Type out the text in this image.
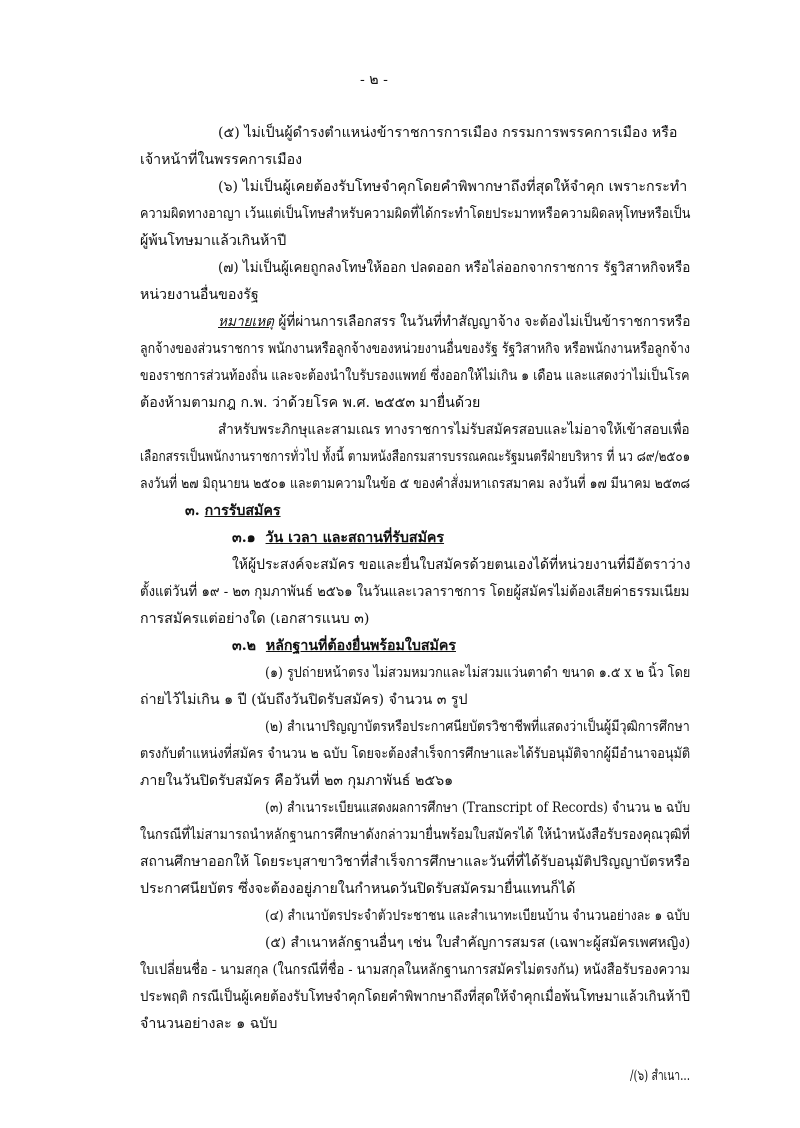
- ๒ -
(๕) ไม่เป็นผู้ดำรงตำแหน่งข้าราชการการเมือง กรรมการพรรคการเมือง หรือ
เจ้าหน้าที่ในพรรคการเมือง
(๖) ไม่เป็นผู้เคยต้องรับโทษจำคุกโดยคำพิพากษาถึงที่สุดให้จำคุก เพราะกระทำ
ความผิดทางอาญา เว้นแต่เป็นโทษสำหรับความผิดที่ได้กระทำโดยประมาทหรือความผิดลหุโทษหรือเป็น
ผู้พ้นโทษมาแล้วเกินห้าปี
(๗) ไม่เป็นผู้เคยถูกลงโทษให้ออก ปลดออก หรือไล่ออกจากราชการ รัฐวิสาหกิจหรือ
หน่วยงานอื่นของรัฐ
หมายเหตุ ผู้ที่ผ่านการเลือกสรร ในวันที่ทำสัญญาจ้าง จะต้องไม่เป็นข้าราชการหรือ
ลูกจ้างของส่วนราชการ พนักงานหรือลูกจ้างของหน่วยงานอื่นของรัฐ รัฐวิสาหกิจ หรือพนักงานหรือลูกจ้าง
ของราชการส่วนท้องถิ่น และจะต้องนำใบรับรองแพทย์ ซึ่งออกให้ไม่เกิน ๑ เดือน และแสดงว่าไม่เป็นโรค
ต้องห้ามตามกฎ ก.พ. ว่าด้วยโรค พ.ศ. ๒๕๕๓ มายื่นด้วย
สำหรับพระภิกษุและสามเณร ทางราชการไม่รับสมัครสอบและไม่อาจให้เข้าสอบเพื่อ
เลือกสรรเป็นพนักงานราชการทั่วไป ทั้งนี้ ตามหนังสือกรมสารบรรณคณะรัฐมนตรีฝ่ายบริหาร ที่ นว ๘๙/๒๕๐๑
ลงวันที่ ๒๗ มิถุนายน ๒๕๐๑ และตามความในข้อ ๕ ของคำสั่งมหาเถรสมาคม ลงวันที่ ๑๗ มีนาคม ๒๕๓๘
๓. การรับสมัคร
๓.๑ วัน เวลา และสถานที่รับสมัคร
ให้ผู้ประสงค์จะสมัคร ขอและยื่นใบสมัครด้วยตนเองได้ที่หน่วยงานที่มีอัตราว่าง
ตั้งแต่วันที่ ๑๙ - ๒๓ กุมภาพันธ์ ๒๕๖๑ ในวันและเวลาราชการ โดยผู้สมัครไม่ต้องเสียค่าธรรมเนียม
การสมัครแต่อย่างใด (เอกสารแนบ ๓)
๓.๒ หลักฐานที่ต้องยื่นพร้อมใบสมัคร
(๑) รูปถ่ายหน้าตรง ไม่สวมหมวกและไม่สวมแว่นตาดำ ขนาด ๑.๕ x ๒ นิ้ว โดย
ถ่ายไว้ไม่เกิน ๑ ปี (นับถึงวันปิดรับสมัคร) จำนวน ๓ รูป
(๒) สำเนาปริญญาบัตรหรือประกาศนียบัตรวิชาชีพที่แสดงว่าเป็นผู้มีวุฒิการศึกษา
ตรงกับตำแหน่งที่สมัคร จำนวน ๒ ฉบับ โดยจะต้องสำเร็จการศึกษาและได้รับอนุมัติจากผู้มีอำนาจอนุมัติ
ภายในวันปิดรับสมัคร คือวันที่ ๒๓ กุมภาพันธ์ ๒๕๖๑
(๓) สำเนาระเบียนแสดงผลการศึกษา (Transcript of Records) จำนวน ๒ ฉบับ
ในกรณีที่ไม่สามารถนำหลักฐานการศึกษาดังกล่าวมายื่นพร้อมใบสมัครได้ ให้นำหนังสือรับรองคุณวุฒิที่
สถานศึกษาออกให้ โดยระบุสาขาวิชาที่สำเร็จการศึกษาและวันที่ที่ได้รับอนุมัติปริญญาบัตรหรือ
ประกาศนียบัตร ซึ่งจะต้องอยู่ภายในกำหนดวันปิดรับสมัครมายื่นแทนก็ได้
(๔) สำเนาบัตรประจำตัวประชาชน และสำเนาทะเบียนบ้าน จำนวนอย่างละ ๑ ฉบับ
(๕) สำเนาหลักฐานอื่นๆ เช่น ใบสำคัญการสมรส (เฉพาะผู้สมัครเพศหญิง)
ใบเปลี่ยนชื่อ - นามสกุล (ในกรณีที่ชื่อ - นามสกุลในหลักฐานการสมัครไม่ตรงกัน) หนังสือรับรองความ
ประพฤติ กรณีเป็นผู้เคยต้องรับโทษจำคุกโดยคำพิพากษาถึงที่สุดให้จำคุกเมื่อพ้นโทษมาแล้วเกินห้าปี
จำนวนอย่างละ ๑ ฉบับ
/(๖) สำเนา...
